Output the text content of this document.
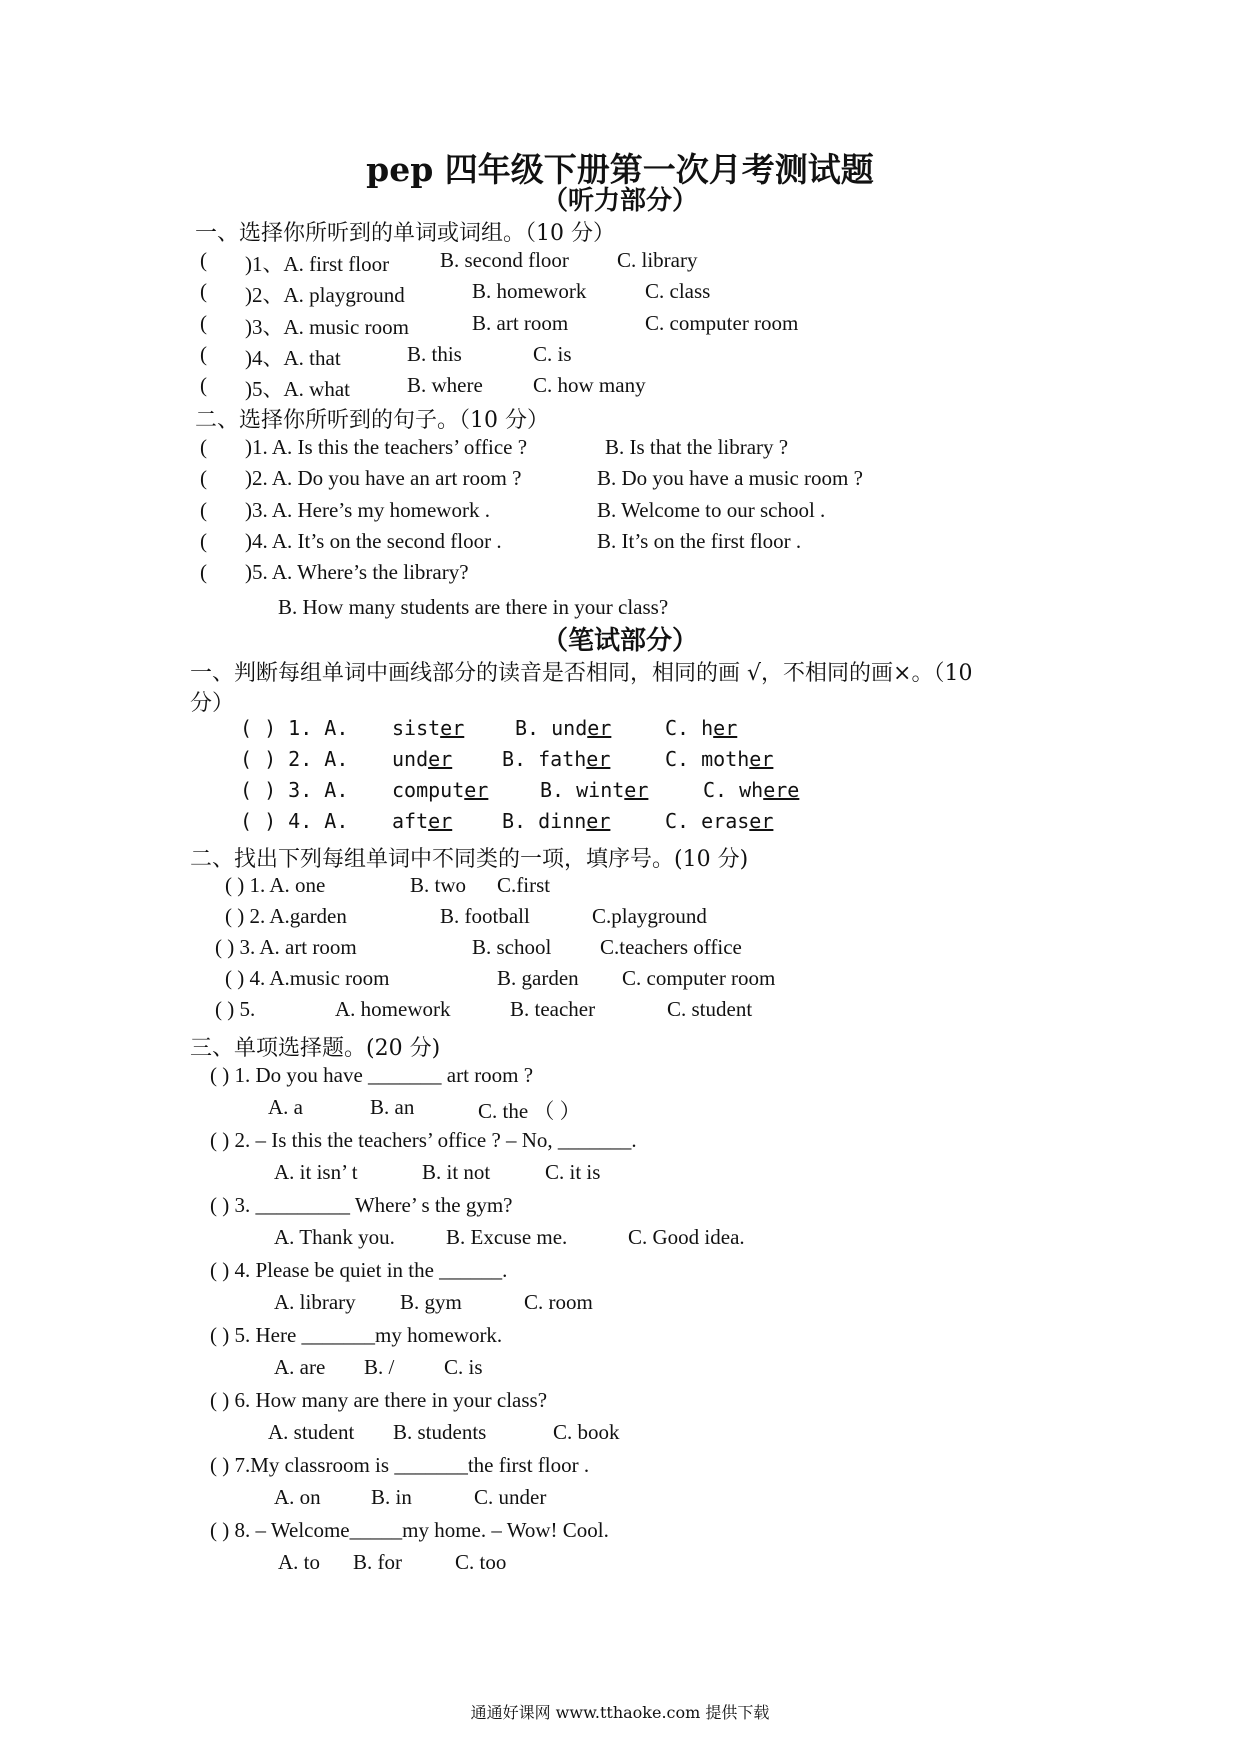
pep 四年级下册第一次月考测试题
（听力部分）
一、选择你所听到的单词或词组。（10 分）
( )1、A. first floor B. second floor C. library
( )2、A. playground	B. homework	C. class
( )3、A. music room	B. art room	C. computer room
( )4、A. that	B. this	C. is
( )5、A. what	B. where C. how many
二、选择你所听到的句子。（10 分）
( )1. A. Is this the teachers’ office ?	B. Is that the library ?
( )2. A. Do you have an art room ?	B. Do you have a music room ?
( )3. A. Here’s my homework .	B. Welcome to our school .
( )4. A. It’s on the second floor .	B. It’s on the first floor .
( )5. A. Where’s the library?
B. How many students are there in your class?
（笔试部分）
一、判断每组单词中画线部分的读音是否相同，相同的画 √，不相同的画×。（10
分）
( ) 1. A. sister	B. under	C. her
( ) 2. A. under B. father	C. mother
( ) 3. A. computer	B. winter	C. where
( ) 4. A. after B. dinner	C. eraser
二、找出下列每组单词中不同类的一项，填序号。(10 分)
( ) 1. A. one	B. two C.first
( ) 2. A.garden	B. football	C.playground
( ) 3. A. art room	B. school C.teachers office
( ) 4. A.music room	B. garden C. computer room
( ) 5.	A. homework	B. teacher	C. student
三、单项选择题。(20 分)
( ) 1. Do you have _______ art room ?
A. a	B. an	C. the （ ）
( ) 2. – Is this the teachers’ office ? – No, _______.
A. it isn’ t	B. it not	C. it is
( ) 3. _________ Where’ s the gym?
A. Thank you. B. Excuse me.	C. Good idea.
( ) 4. Please be quiet in the ______.
A. library B. gym	C. room
( ) 5. Here _______my homework.
A. are B. / C. is
( ) 6. How many are there in your class?
A. student B. students	C. book
( ) 7.My classroom is _______the first floor .
A. on B. in	C. under
( ) 8. – Welcome_____my home. – Wow! Cool.
A. to B. for	C. too
通通好课网 www.tthaoke.com 提供下载
